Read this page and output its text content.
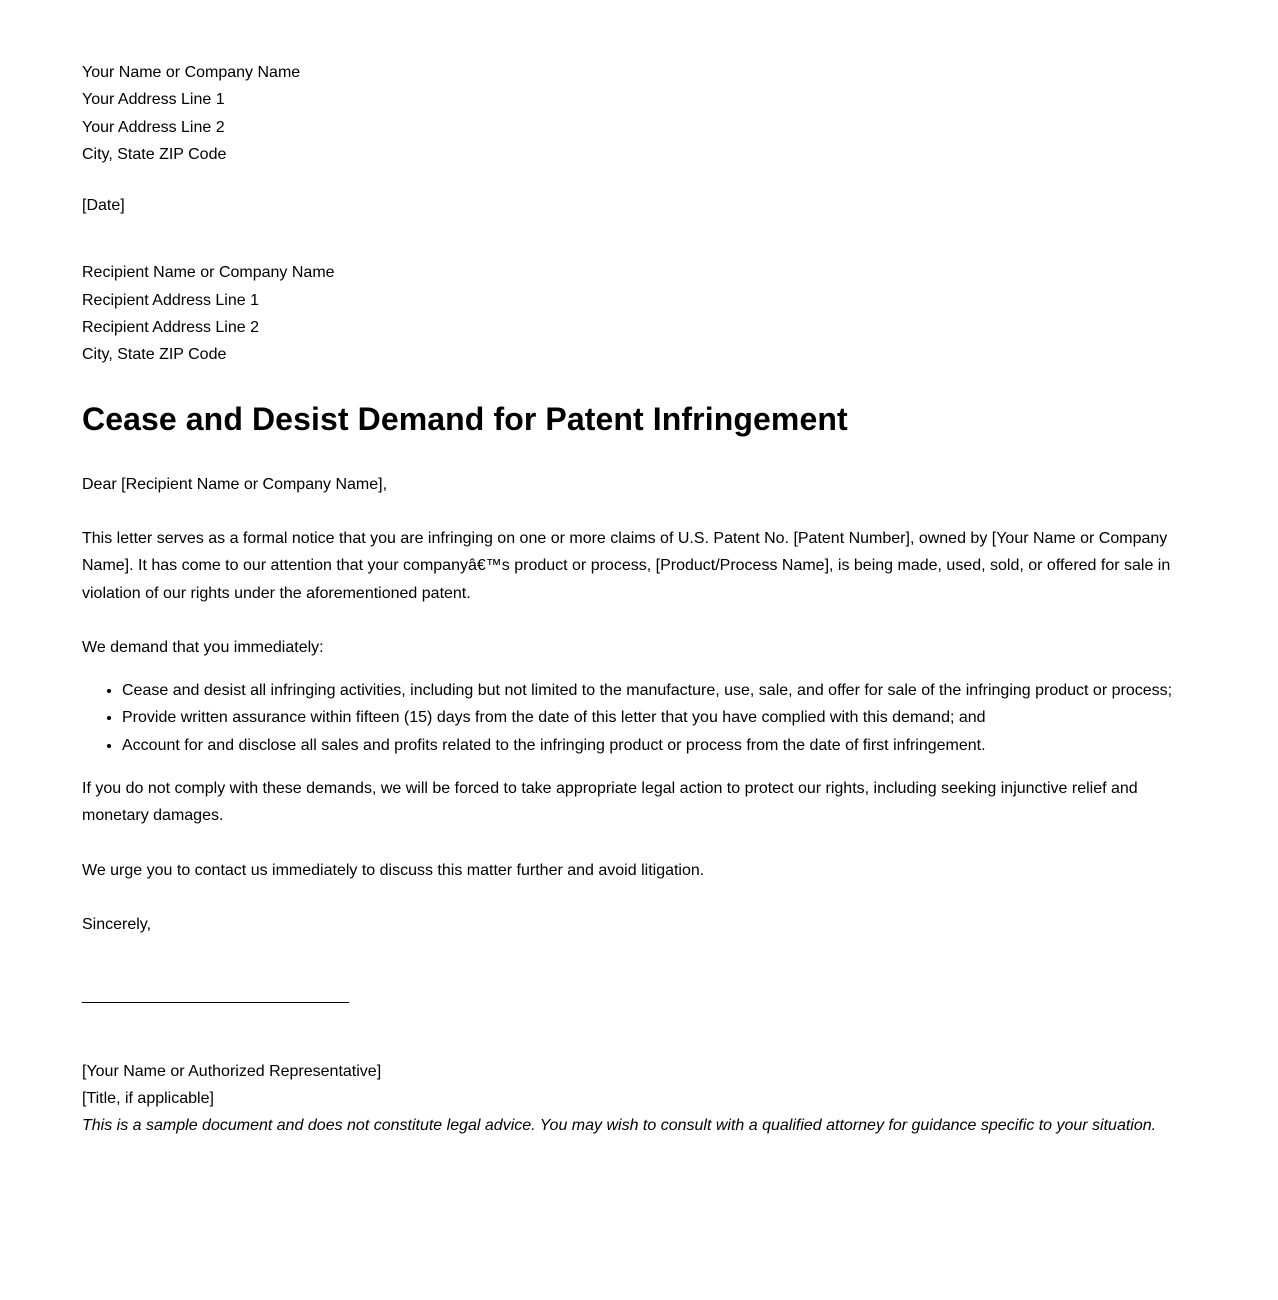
Your Name or Company Name
Your Address Line 1
Your Address Line 2
City, State ZIP Code
[Date]
Recipient Name or Company Name
Recipient Address Line 1
Recipient Address Line 2
City, State ZIP Code
Cease and Desist Demand for Patent Infringement

Dear [Recipient Name or Company Name],

This letter serves as a formal notice that you are infringing on one or more claims of U.S. Patent No. [Patent Number], owned by [Your Name or Company Name]. It has come to our attention that your companyâ€™s product or process, [Product/Process Name], is being made, used, sold, or offered for sale in violation of our rights under the aforementioned patent.

We demand that you immediately:

• Cease and desist all infringing activities, including but not limited to the manufacture, use, sale, and offer for sale of the infringing product or process;
• Provide written assurance within fifteen (15) days from the date of this letter that you have complied with this demand; and
• Account for and disclose all sales and profits related to the infringing product or process from the date of first infringement.

If you do not comply with these demands, we will be forced to take appropriate legal action to protect our rights, including seeking injunctive relief and monetary damages.

We urge you to contact us immediately to discuss this matter further and avoid litigation.

Sincerely,

______________________________
[Your Name or Authorized Representative]
[Title, if applicable]
This is a sample document and does not constitute legal advice. You may wish to consult with a qualified attorney for guidance specific to your situation.
